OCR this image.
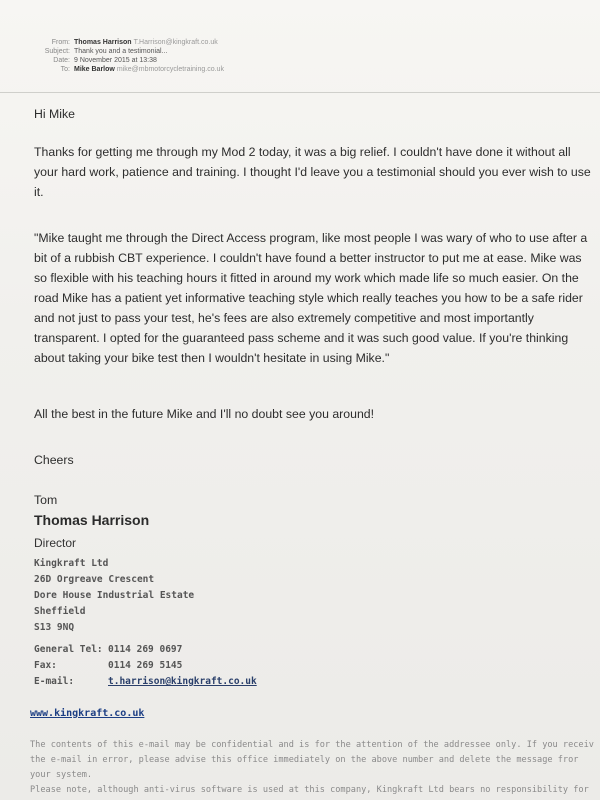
From: Thomas Harrison T.Harrison@kingkraft.co.uk
Subject: Thank you and a testimonial...
Date: 9 November 2015 at 13:38
To: Mike Barlow mike@mbmotorcycletraining.co.uk

Hi Mike

Thanks for getting me through my Mod 2 today, it was a big relief. I couldn't have done it without all your hard work, patience and training. I thought I'd leave you a testimonial should you ever wish to use it.

"Mike taught me through the Direct Access program, like most people I was wary of who to use after a bit of a rubbish CBT experience. I couldn't have found a better instructor to put me at ease. Mike was so flexible with his teaching hours it fitted in around my work which made life so much easier. On the road Mike has a patient yet informative teaching style which really teaches you how to be a safe rider and not just to pass your test, he's fees are also extremely competitive and most importantly transparent. I opted for the guaranteed pass scheme and it was such good value. If you're thinking about taking your bike test then I wouldn't hesitate in using Mike."

All the best in the future Mike and I'll no doubt see you around!

Cheers

Tom

Thomas Harrison
Director
Kingkraft Ltd
26D Orgreave Crescent
Dore House Industrial Estate
Sheffield
S13 9NQ
General Tel: 0114 269 0697
Fax:	0114 269 5145
E-mail:	t.harrison@kingkraft.co.uk
www.kingkraft.co.uk
The contents of this e-mail may be confidential and is for the attention of the addressee only. If you receiv
the e-mail in error, please advise this office immediately on the above number and delete the message fror
your system.
Please note, although anti-virus software is used at this company, Kingkraft Ltd bears no responsibility for
